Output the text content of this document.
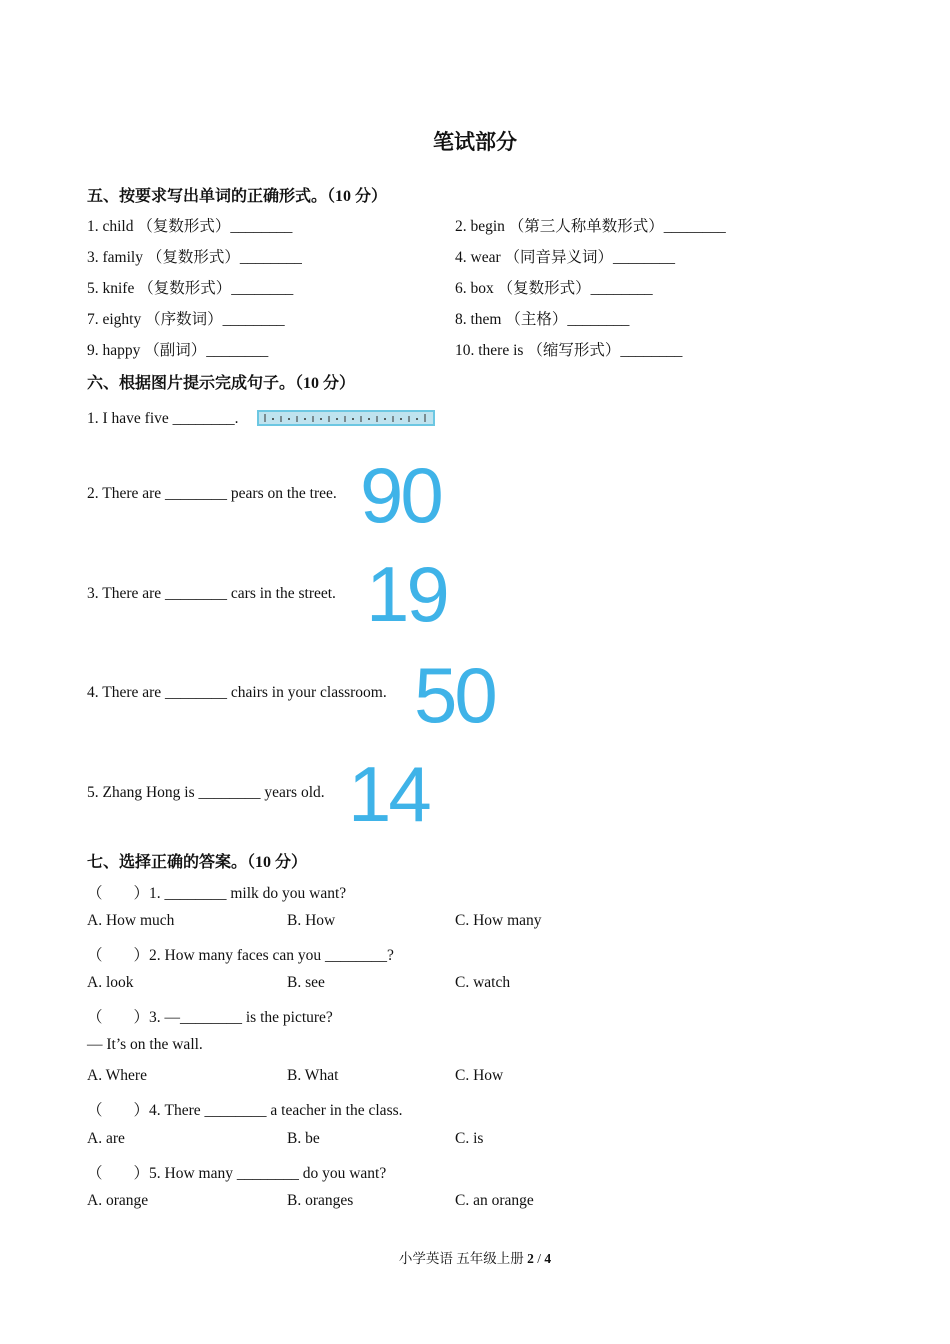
笔试部分
五、按要求写出单词的正确形式。（10 分）
1. child （复数形式）________	2. begin （第三人称单数形式）________
3. family （复数形式）________	4. wear （同音异义词）________
5. knife （复数形式）________	6. box （复数形式）________
7. eighty （序数词）________	8. them （主格）________
9. happy （副词）________	10. there is （缩写形式）________
六、根据图片提示完成句子。（10 分）
1. I have five ________.
2. There are ________ pears on the tree. 90
3. There are ________ cars in the street. 19
4. There are ________ chairs in your classroom. 50
5. Zhang Hong is ________ years old. 14
七、选择正确的答案。（10 分）
（　　）1. ________ milk do you want?
A. How much	B. How	C. How many
（　　）2. How many faces can you ________?
A. look	B. see	C. watch
（　　）3. —________ is the picture?
— It’s on the wall.
A. Where	B. What	C. How
（　　）4. There ________ a teacher in the class.
A. are	B. be	C. is
（　　）5. How many ________ do you want?
A. orange	B. oranges	C. an orange
小学英语 五年级上册 2 / 4
